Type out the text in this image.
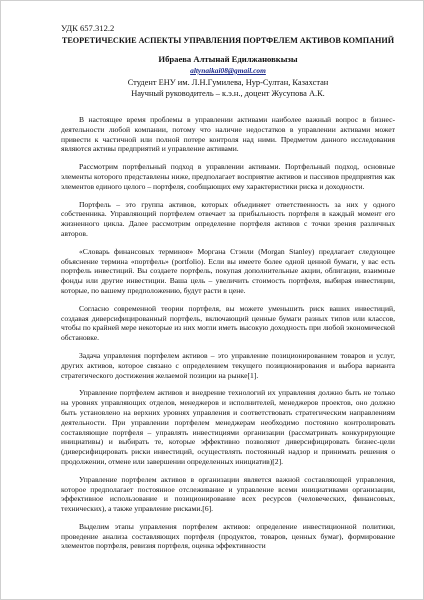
УДК 657.312.2
ТЕОРЕТИЧЕСКИЕ АСПЕКТЫ УПРАВЛЕНИЯ ПОРТФЕЛЕМ АКТИВОВ КОМПАНИЙ
Ибраева Алтынай Едилжановкызы
altynaikai08@gmail.com
Студент ЕНУ им. Л.Н.Гумилева, Нур-Султан, Казахстан
Научный руководитель – к.э.н., доцент Жусупова А.К.

В настоящее время проблемы в управлении активами наиболее важный вопрос в бизнес-деятельности любой компании, потому что наличие недостатков в управлении активами может привести к частичной или полной потере контроля над ними. Предметом данного исследования являются активы предприятий и управление активами.

Рассмотрим портфельный подход в управлении активами. Портфельный подход, основные элементы которого представлены ниже, предполагает восприятие активов и пассивов предприятия как элементов единого целого – портфеля, сообщающих ему характеристики риска и доходности.

Портфель – это группа активов, которых объединяет ответственность за них у одного собственника. Управляющий портфелем отвечает за прибыльность портфеля в каждый момент его жизненного цикла. Далее рассмотрим определение портфеля активов с точки зрения различных авторов.

«Словарь финансовых терминов» Моргана Стэнли (Morgan Stanley) предлагает следующее объяснение термина «портфель» (portfolio). Если вы имеете более одной ценной бумаги, у вас есть портфель инвестиций. Вы создаете портфель, покупая дополнительные акции, облигации, взаимные фонды или другие инвестиции. Ваша цель – увеличить стоимость портфеля, выбирая инвестиции, которые, по вашему предположению, будут расти в цене.

Согласно современной теории портфеля, вы можете уменьшить риск ваших инвестиций, создавая диверсифицированный портфель, включающий ценные бумаги разных типов или классов, чтобы по крайней мере некоторые из них могли иметь высокую доходность при любой экономической обстановке.

Задача управления портфелем активов – это управление позиционированием товаров и услуг, других активов, которое связано с определением текущего позиционирования и выбора варианта стратегического достижения желаемой позиции на рынке[1].

Управление портфелем активов и внедрение технологий их управления должно быть не только на уровнях управляющих отделов, менеджеров и исполнителей, менеджеров проектов, оно должно быть установлено на верхних уровнях управления и соответствовать стратегическим направлениям деятельности. При управлении портфелем менеджерам необходимо постоянно контролировать составляющие портфеля – управлять инвестициями организации (рассматривать конкурирующие инициативы) и выбирать те, которые эффективно позволяют диверсифицировать бизнес-цели (диверсифицировать риски инвестиций, осуществлять постоянный надзор и принимать решения о продолжении, отмене или завершении определенных инициатив)[2].

Управление портфелем активов в организации является важной составляющей управления, которое предполагает постоянное отслеживание и управление всеми инициативами организации, эффективное использование и позиционирование всех ресурсов (человеческих, финансовых, технических), а также управление рисками.[6].

Выделим этапы управления портфелем активов: определение инвестиционной политики, проведение анализа составляющих портфеля (продуктов, товаров, ценных бумаг), формирование элементов портфеля, ревизия портфеля, оценка эффективности
